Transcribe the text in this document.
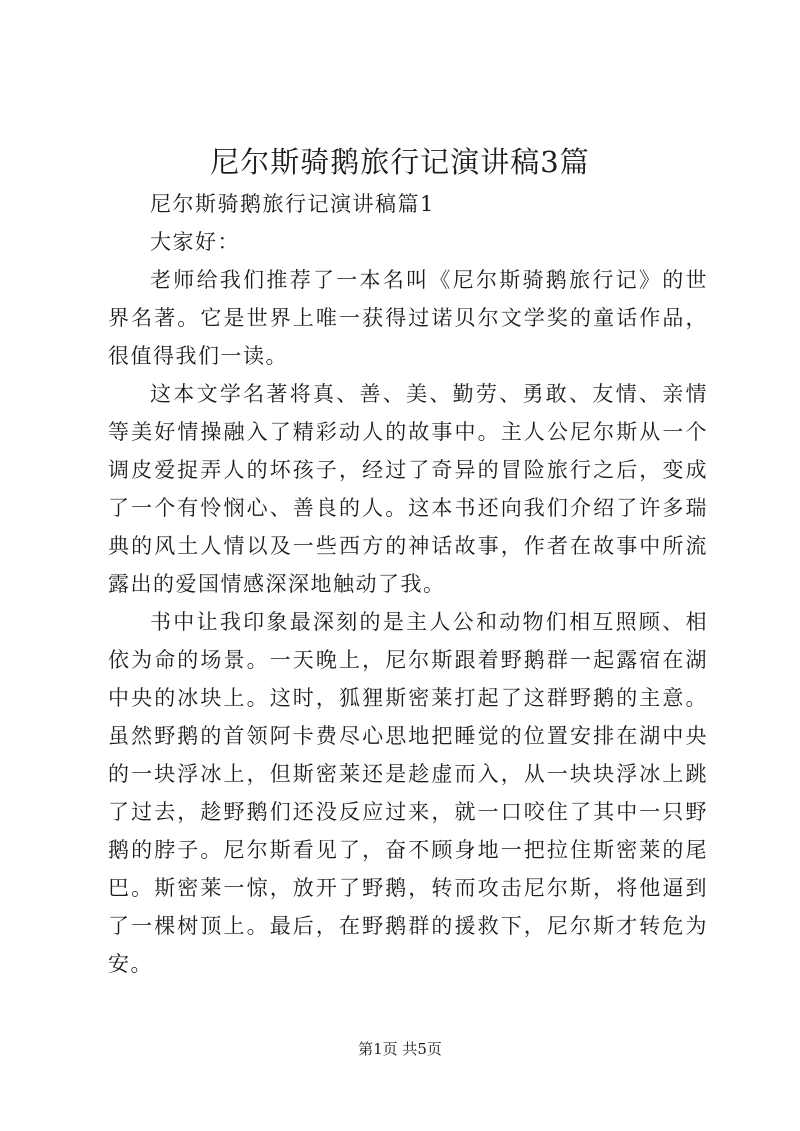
尼尔斯骑鹅旅行记演讲稿3篇

尼尔斯骑鹅旅行记演讲稿篇1

大家好：

老师给我们推荐了一本名叫《尼尔斯骑鹅旅行记》的世界名著。它是世界上唯一获得过诺贝尔文学奖的童话作品，很值得我们一读。

这本文学名著将真、善、美、勤劳、勇敢、友情、亲情等美好情操融入了精彩动人的故事中。主人公尼尔斯从一个调皮爱捉弄人的坏孩子，经过了奇异的冒险旅行之后，变成了一个有怜悯心、善良的人。这本书还向我们介绍了许多瑞典的风土人情以及一些西方的神话故事，作者在故事中所流露出的爱国情感深深地触动了我。

书中让我印象最深刻的是主人公和动物们相互照顾、相依为命的场景。一天晚上，尼尔斯跟着野鹅群一起露宿在湖中央的冰块上。这时，狐狸斯密莱打起了这群野鹅的主意。虽然野鹅的首领阿卡费尽心思地把睡觉的位置安排在湖中央的一块浮冰上，但斯密莱还是趁虚而入，从一块块浮冰上跳了过去，趁野鹅们还没反应过来，就一口咬住了其中一只野鹅的脖子。尼尔斯看见了，奋不顾身地一把拉住斯密莱的尾巴。斯密莱一惊，放开了野鹅，转而攻击尼尔斯，将他逼到了一棵树顶上。最后，在野鹅群的援救下，尼尔斯才转危为安。

第1页 共5页
